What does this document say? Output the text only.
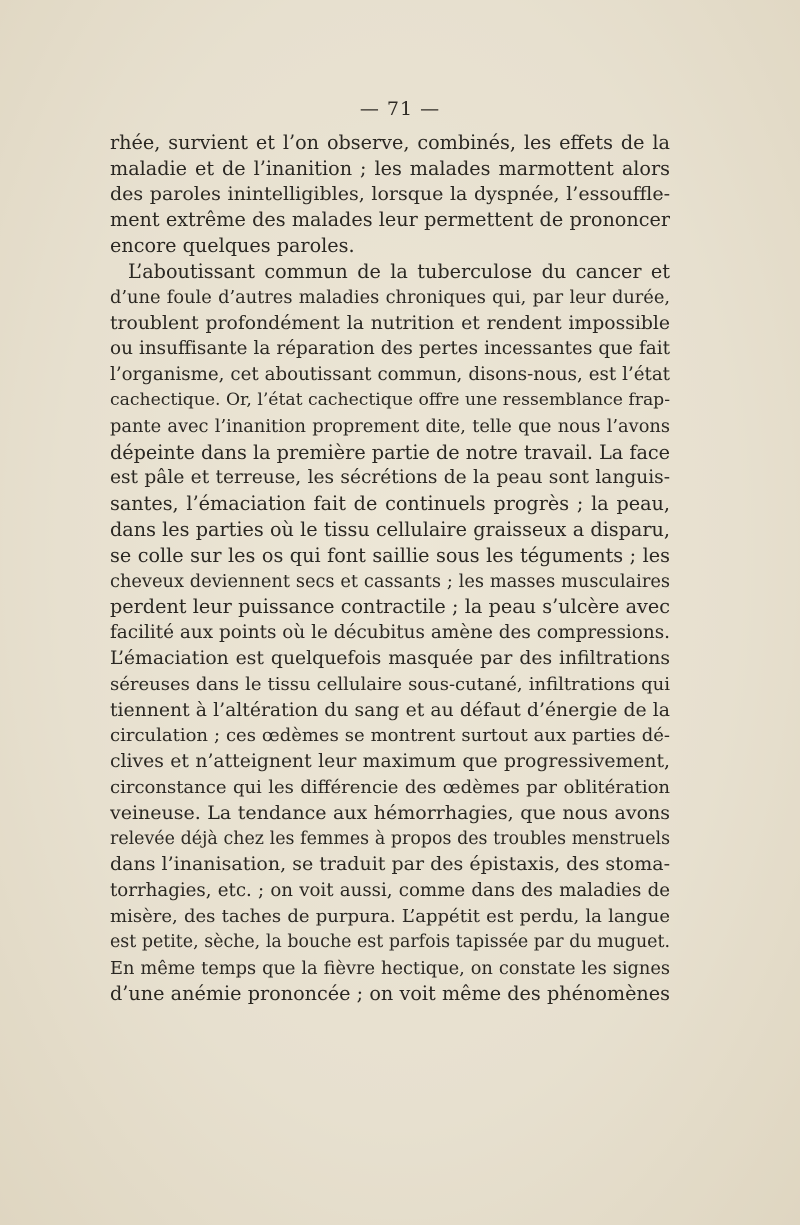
— 71 —
rhée, survient et l’on observe, combinés, les effets de la
maladie et de l’inanition ; les malades marmottent alors
des paroles inintelligibles, lorsque la dyspnée, l’essouffle-
ment extrême des malades leur permettent de prononcer
encore quelques paroles.
L’aboutissant commun de la tuberculose du cancer et
d’une foule d’autres maladies chroniques qui, par leur durée,
troublent profondément la nutrition et rendent impossible
ou insuffisante la réparation des pertes incessantes que fait
l’organisme, cet aboutissant commun, disons-nous, est l’état
cachectique. Or, l’état cachectique offre une ressemblance frap-
pante avec l’inanition proprement dite, telle que nous l’avons
dépeinte dans la première partie de notre travail. La face
est pâle et terreuse, les sécrétions de la peau sont languis-
santes, l’émaciation fait de continuels progrès ; la peau,
dans les parties où le tissu cellulaire graisseux a disparu,
se colle sur les os qui font saillie sous les téguments ; les
cheveux deviennent secs et cassants ; les masses musculaires
perdent leur puissance contractile ; la peau s’ulcère avec
facilité aux points où le décubitus amène des compressions.
L’émaciation est quelquefois masquée par des infiltrations
séreuses dans le tissu cellulaire sous-cutané, infiltrations qui
tiennent à l’altération du sang et au défaut d’énergie de la
circulation ; ces œdèmes se montrent surtout aux parties dé-
clives et n’atteignent leur maximum que progressivement,
circonstance qui les différencie des œdèmes par oblitération
veineuse. La tendance aux hémorrhagies, que nous avons
relevée déjà chez les femmes à propos des troubles menstruels
dans l’inanisation, se traduit par des épistaxis, des stoma-
torrhagies, etc. ; on voit aussi, comme dans des maladies de
misère, des taches de purpura. L’appétit est perdu, la langue
est petite, sèche, la bouche est parfois tapissée par du muguet.
En même temps que la fièvre hectique, on constate les signes
d’une anémie prononcée ; on voit même des phénomènes
